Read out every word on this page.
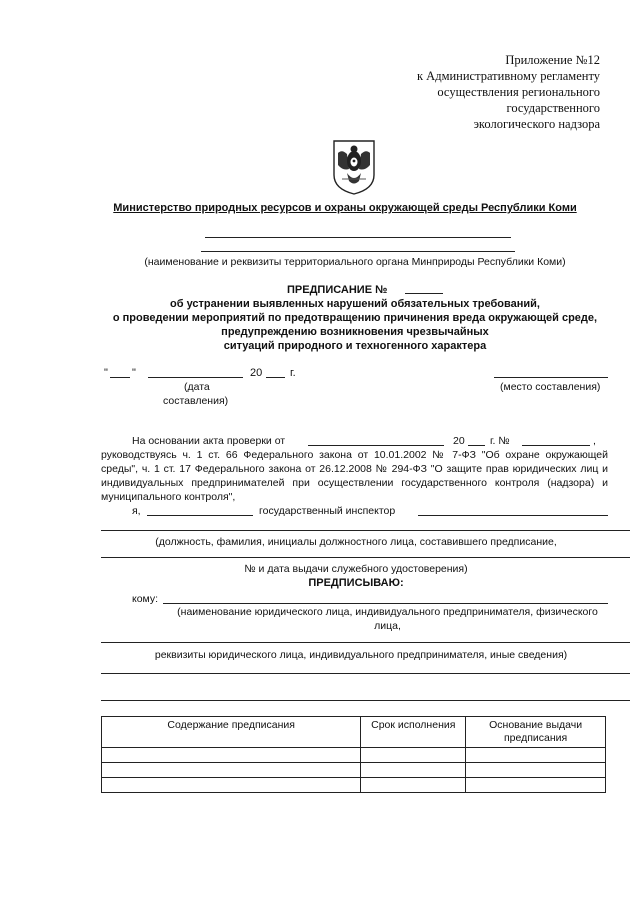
Приложение №12
к Административному регламенту
осуществления регионального
государственного
экологического надзора
Министерство природных ресурсов и охраны окружающей среды Республики Коми
(наименование и реквизиты территориального органа Минприроды Республики Коми)
ПРЕДПИСАНИЕ №
об устранении выявленных нарушений обязательных требований,
о проведении мероприятий по предотвращению причинения вреда окружающей среде,
предупреждению возникновения чрезвычайных
ситуаций природного и техногенного характера
" "	20	г.
(дата
составления)
(место составления)
На основании акта проверки от	20 г. №	,
руководствуясь ч. 1 ст. 66 Федерального закона от 10.01.2002 № 7-ФЗ "Об охране окружающей
среды", ч. 1 ст. 17 Федерального закона от 26.12.2008 № 294-ФЗ "О защите прав юридических лиц и
индивидуальных предпринимателей при осуществлении государственного контроля (надзора) и
муниципального контроля",
я,	государственный инспектор
(должность, фамилия, инициалы должностного лица, составившего предписание,
№ и дата выдачи служебного удостоверения)
ПРЕДПИСЫВАЮ:
кому:
(наименование юридического лица, индивидуального предпринимателя, физического
лица,
реквизиты юридического лица, индивидуального предпринимателя, иные сведения)
Содержание предписания	Срок исполнения	Основание выдачи предписания
